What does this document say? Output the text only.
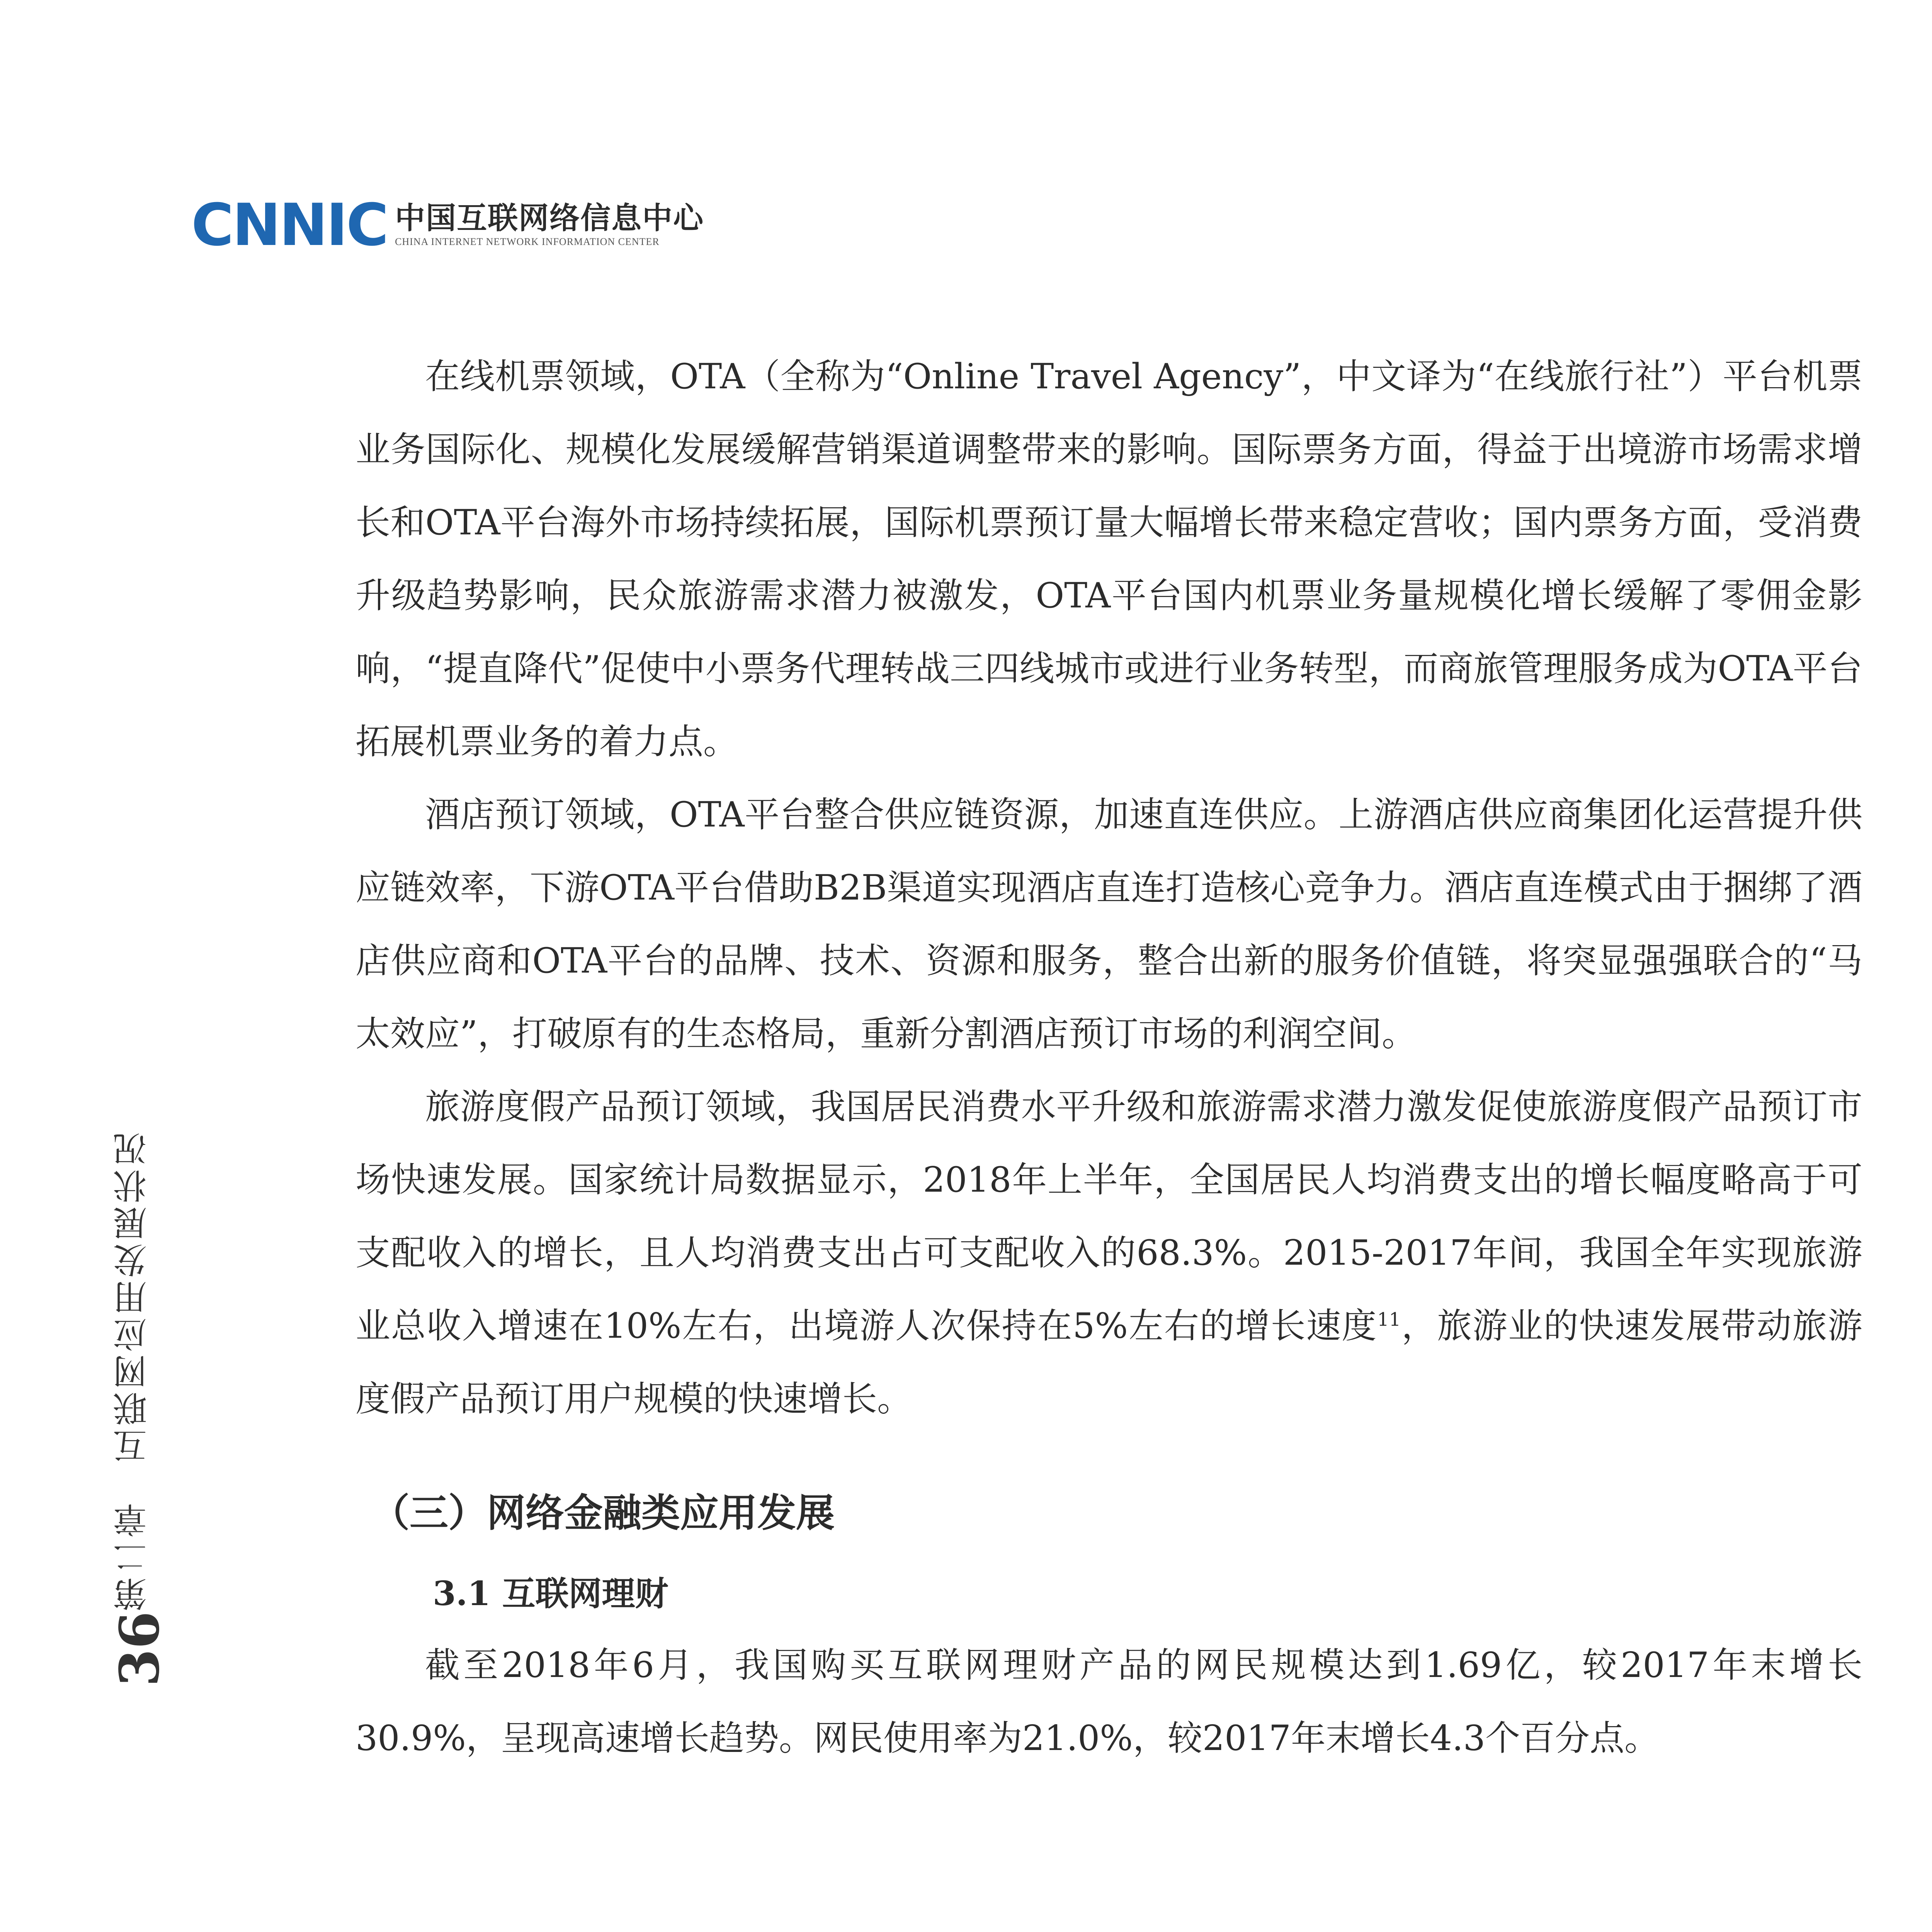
CNNIC 中国互联网络信息中心
CHINA INTERNET NETWORK INFORMATION CENTER
第二章　互联网应用发展状况
36

在线机票领域，OTA（全称为“Online Travel Agency”，中文译为“在线旅行社”）平台机票业务国际化、规模化发展缓解营销渠道调整带来的影响。国际票务方面，得益于出境游市场需求增长和OTA平台海外市场持续拓展，国际机票预订量大幅增长带来稳定营收；国内票务方面，受消费升级趋势影响，民众旅游需求潜力被激发，OTA平台国内机票业务量规模化增长缓解了零佣金影响，“提直降代”促使中小票务代理转战三四线城市或进行业务转型，而商旅管理服务成为OTA平台拓展机票业务的着力点。

酒店预订领域，OTA平台整合供应链资源，加速直连供应。上游酒店供应商集团化运营提升供应链效率，下游OTA平台借助B2B渠道实现酒店直连打造核心竞争力。酒店直连模式由于捆绑了酒店供应商和OTA平台的品牌、技术、资源和服务，整合出新的服务价值链，将突显强强联合的“马太效应”，打破原有的生态格局，重新分割酒店预订市场的利润空间。

旅游度假产品预订领域，我国居民消费水平升级和旅游需求潜力激发促使旅游度假产品预订市场快速发展。国家统计局数据显示，2018年上半年，全国居民人均消费支出的增长幅度略高于可支配收入的增长，且人均消费支出占可支配收入的68.3%。2015-2017年间，我国全年实现旅游业总收入增速在10%左右，出境游人次保持在5%左右的增长速度$^{11}$，旅游业的快速发展带动旅游度假产品预订用户规模的快速增长。

（三）网络金融类应用发展
3.1 互联网理财

截至2018年6月，我国购买互联网理财产品的网民规模达到1.69亿，较2017年末增长30.9%，呈现高速增长趋势。网民使用率为21.0%，较2017年末增长4.3个百分点。
